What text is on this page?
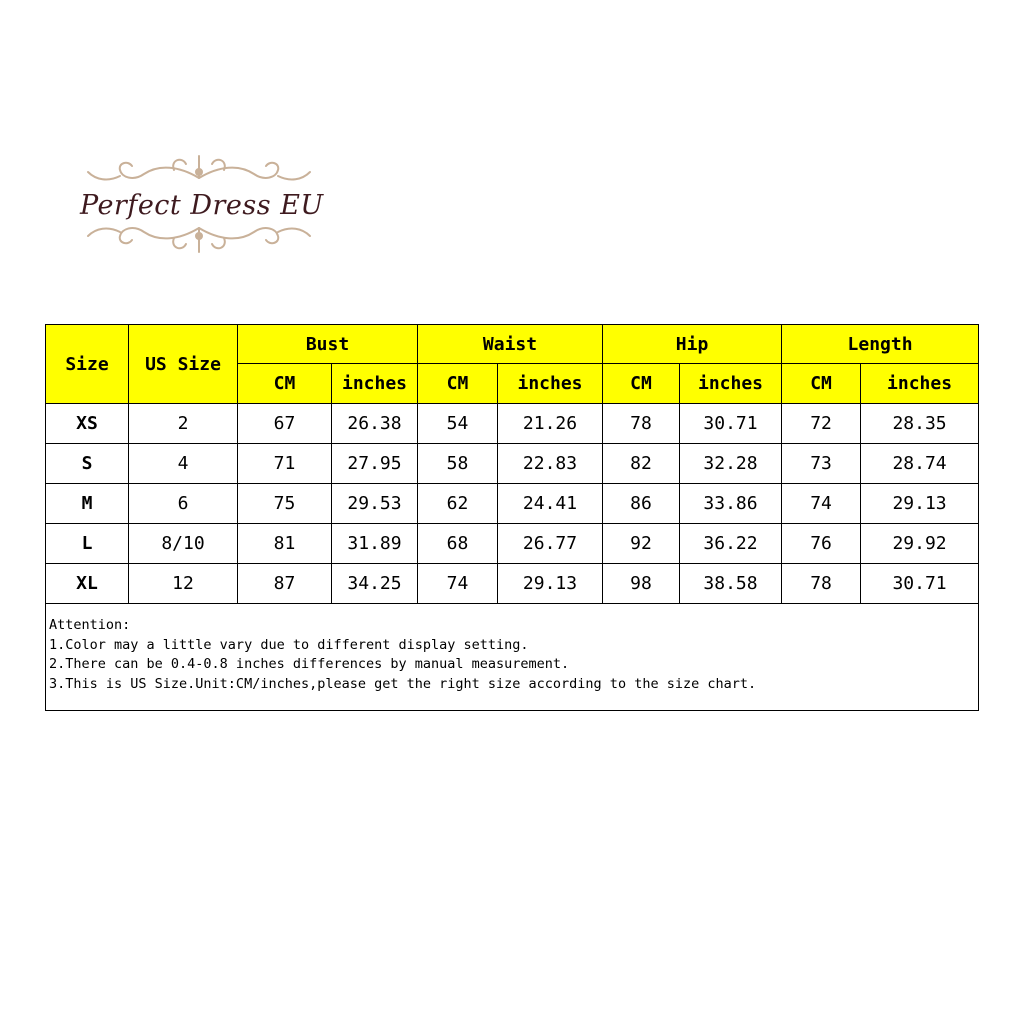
Perfect Dress EU
Size	US Size	Bust		Waist		Hip		Length	
		CM	inches	CM	inches	CM	inches	CM	inches
XS	2	67	26.38	54	21.26	78	30.71	72	28.35
S	4	71	27.95	58	22.83	82	32.28	73	28.74
M	6	75	29.53	62	24.41	86	33.86	74	29.13
L	8/10	81	31.89	68	26.77	92	36.22	76	29.92
XL	12	87	34.25	74	29.13	98	38.58	78	30.71

Attention:
1.Color may a little vary due to different display setting.
2.There can be 0.4-0.8 inches differences by manual measurement.
3.This is US Size.Unit:CM/inches,please get the right size according to the size chart.									
